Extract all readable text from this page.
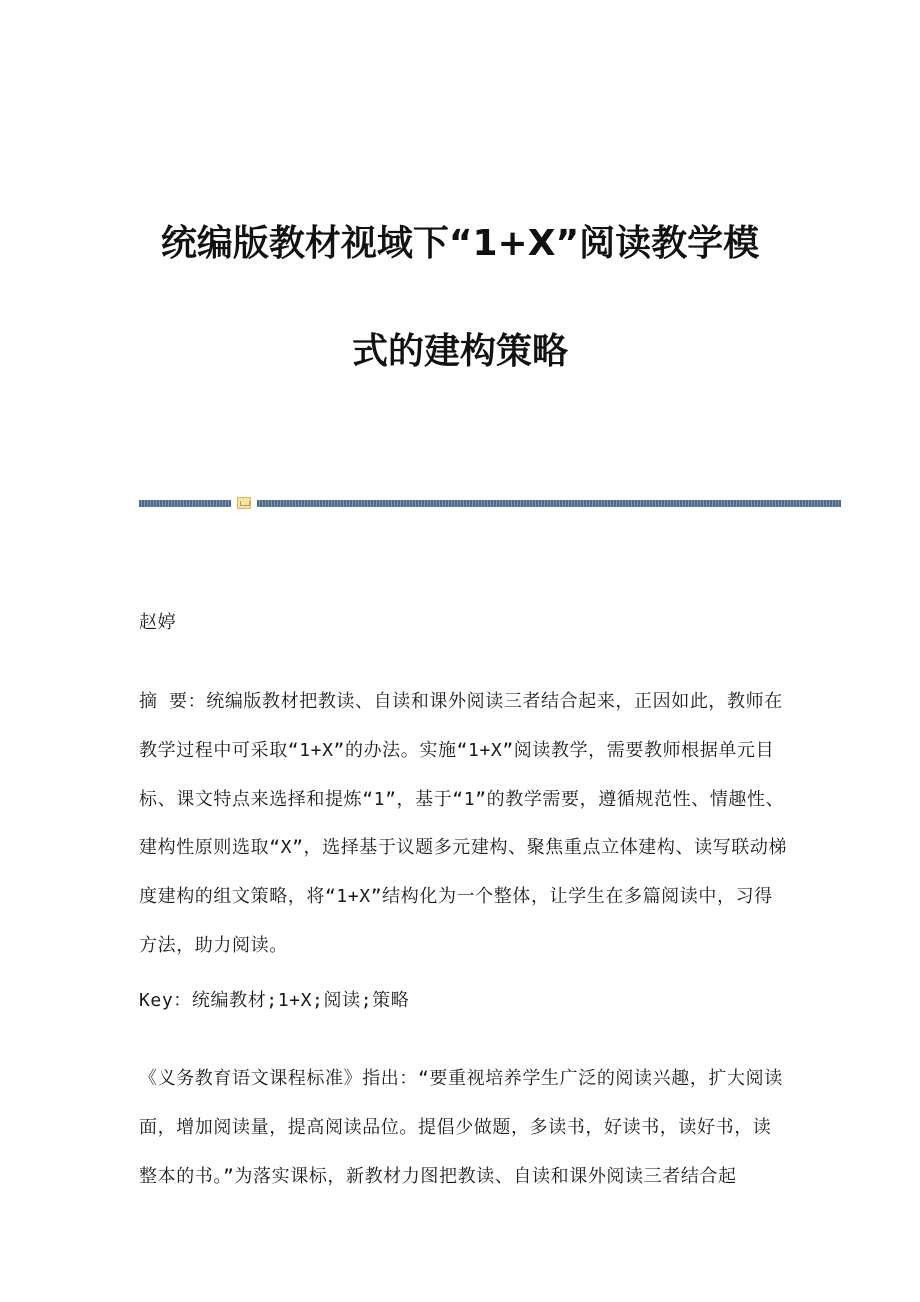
统编版教材视域下“1+X”阅读教学模
式的建构策略
赵婷
摘 要：统编版教材把教读、自读和课外阅读三者结合起来，正因如此，教师在教学过程中可采取“1+X”的办法。实施“1+X”阅读教学，需要教师根据单元目标、课文特点来选择和提炼“1”，基于“1”的教学需要，遵循规范性、情趣性、建构性原则选取“X”，选择基于议题多元建构、聚焦重点立体建构、读写联动梯度建构的组文策略，将“1+X”结构化为一个整体，让学生在多篇阅读中，习得方法，助力阅读。
Key：统编教材;1+X;阅读;策略
《义务教育语文课程标准》指出：“要重视培养学生广泛的阅读兴趣，扩大阅读面，增加阅读量，提高阅读品位。提倡少做题，多读书，好读书，读好书，读整本的书。”为落实课标，新教材力图把教读、自读和课外阅读三者结合起
